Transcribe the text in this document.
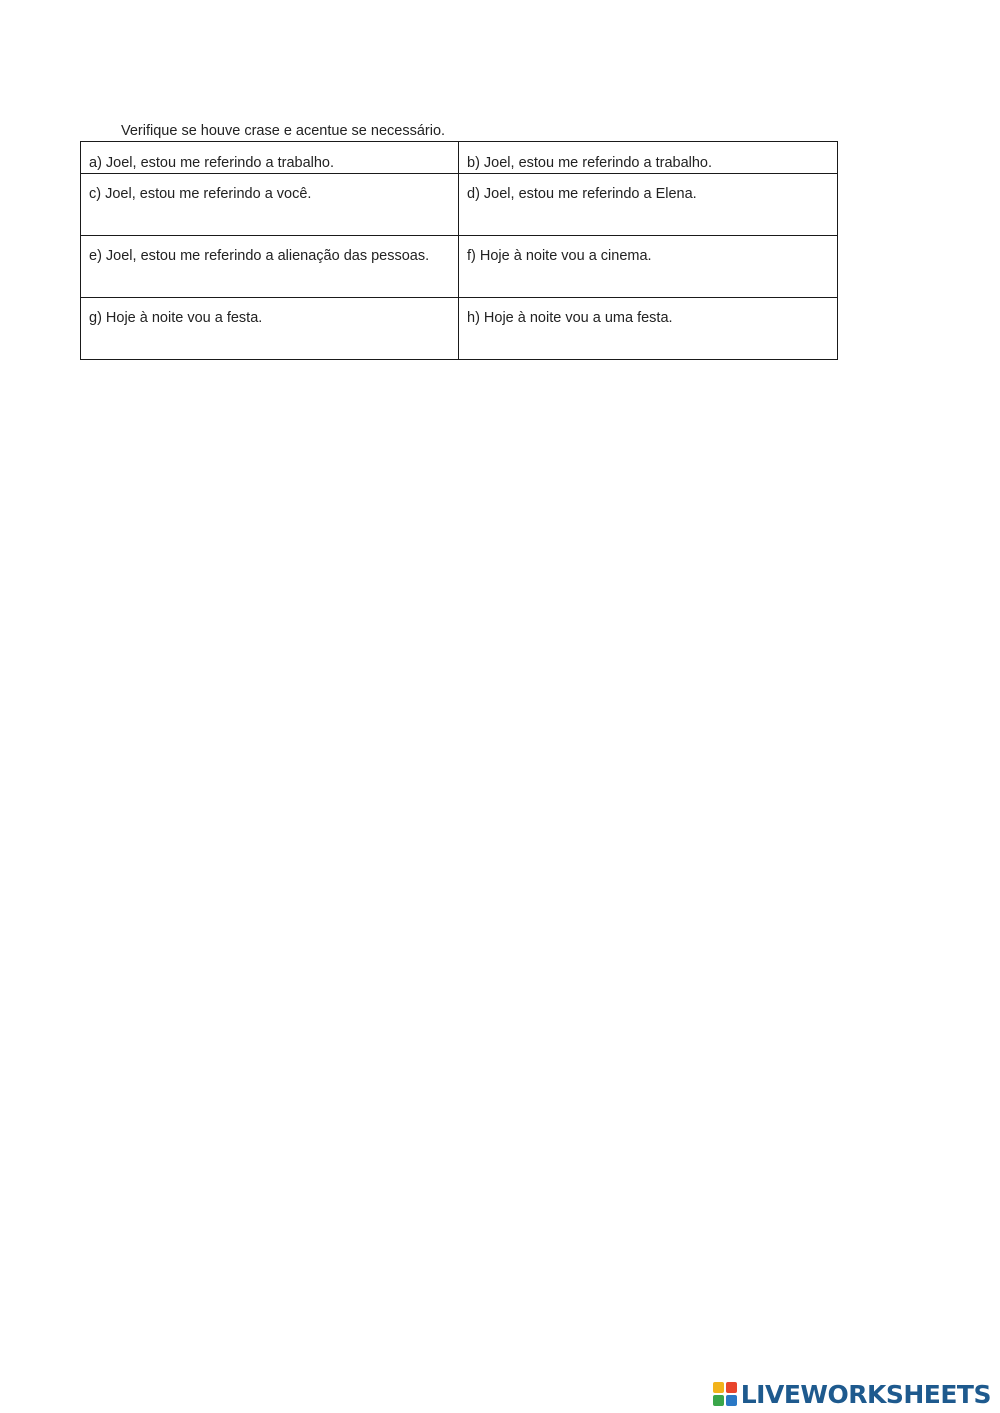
Verifique se houve crase e acentue se necessário.
a) Joel, estou me referindo a trabalho.	b) Joel, estou me referindo a trabalho.
c) Joel, estou me referindo a você.	d) Joel, estou me referindo a Elena.
e) Joel, estou me referindo a alienação das pessoas.	f) Hoje à noite vou a cinema.
g) Hoje à noite vou a festa.	h) Hoje à noite vou a uma festa.
LIVEWORKSHEETS
